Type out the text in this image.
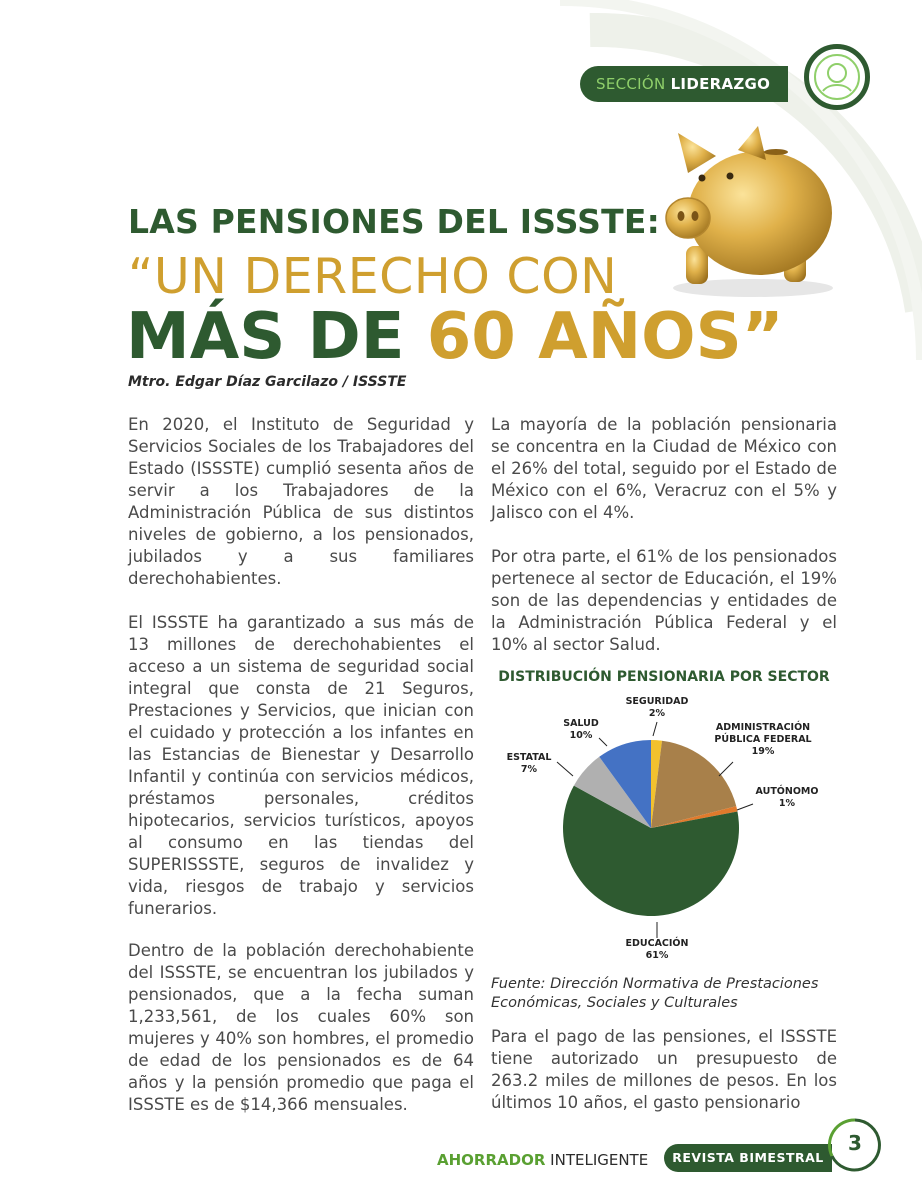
SECCIÓN LIDERAZGO
LAS PENSIONES DEL ISSSTE:
“UN DERECHO CON
MÁS DE 60 AÑOS”
Mtro. Edgar Díaz Garcilazo / ISSSTE

En 2020, el Instituto de Seguridad y Servicios Sociales de los Trabajadores del Estado (ISSSTE) cumplió sesenta años de servir a los Trabajadores de la Administración Pública de sus distintos niveles de gobierno, a los pensionados, jubilados y a sus familiares derechohabientes.

El ISSSTE ha garantizado a sus más de 13 millones de derechohabientes el acceso a un sistema de seguridad social integral que consta de 21 Seguros, Prestaciones y Servicios, que inician con el cuidado y protección a los infantes en las Estancias de Bienestar y Desarrollo Infantil y continúa con servicios médicos, préstamos personales, créditos hipotecarios, servicios turísticos, apoyos al consumo en las tiendas del SUPERISSSTE, seguros de invalidez y vida, riesgos de trabajo y servicios funerarios.

Dentro de la población derechohabiente del ISSSTE, se encuentran los jubilados y pensionados, que a la fecha suman 1,233,561, de los cuales 60% son mujeres y 40% son hombres, el promedio de edad de los pensionados es de 64 años y la pensión promedio que paga el ISSSTE es de $14,366 mensuales.

La mayoría de la población pensionaria se concentra en la Ciudad de México con el 26% del total, seguido por el Estado de México con el 6%, Veracruz con el 5% y Jalisco con el 4%.

Por otra parte, el 61% de los pensionados pertenece al sector de Educación, el 19% son de las dependencias y entidades de la Administración Pública Federal y el 10% al sector Salud.

DISTRIBUCIÓN PENSIONARIA POR SECTOR
SEGURIDAD 2%
ADMINISTRACIÓN PÚBLICA FEDERAL 19%
AUTÓNOMO 1%
EDUCACIÓN 61%
ESTATAL 7%
SALUD 10%

Fuente: Dirección Normativa de Prestaciones Económicas, Sociales y Culturales

Para el pago de las pensiones, el ISSSTE tiene autorizado un presupuesto de 263.2 miles de millones de pesos. En los últimos 10 años, el gasto pensionario

AHORRADOR INTELIGENTE	REVISTA BIMESTRAL
3
